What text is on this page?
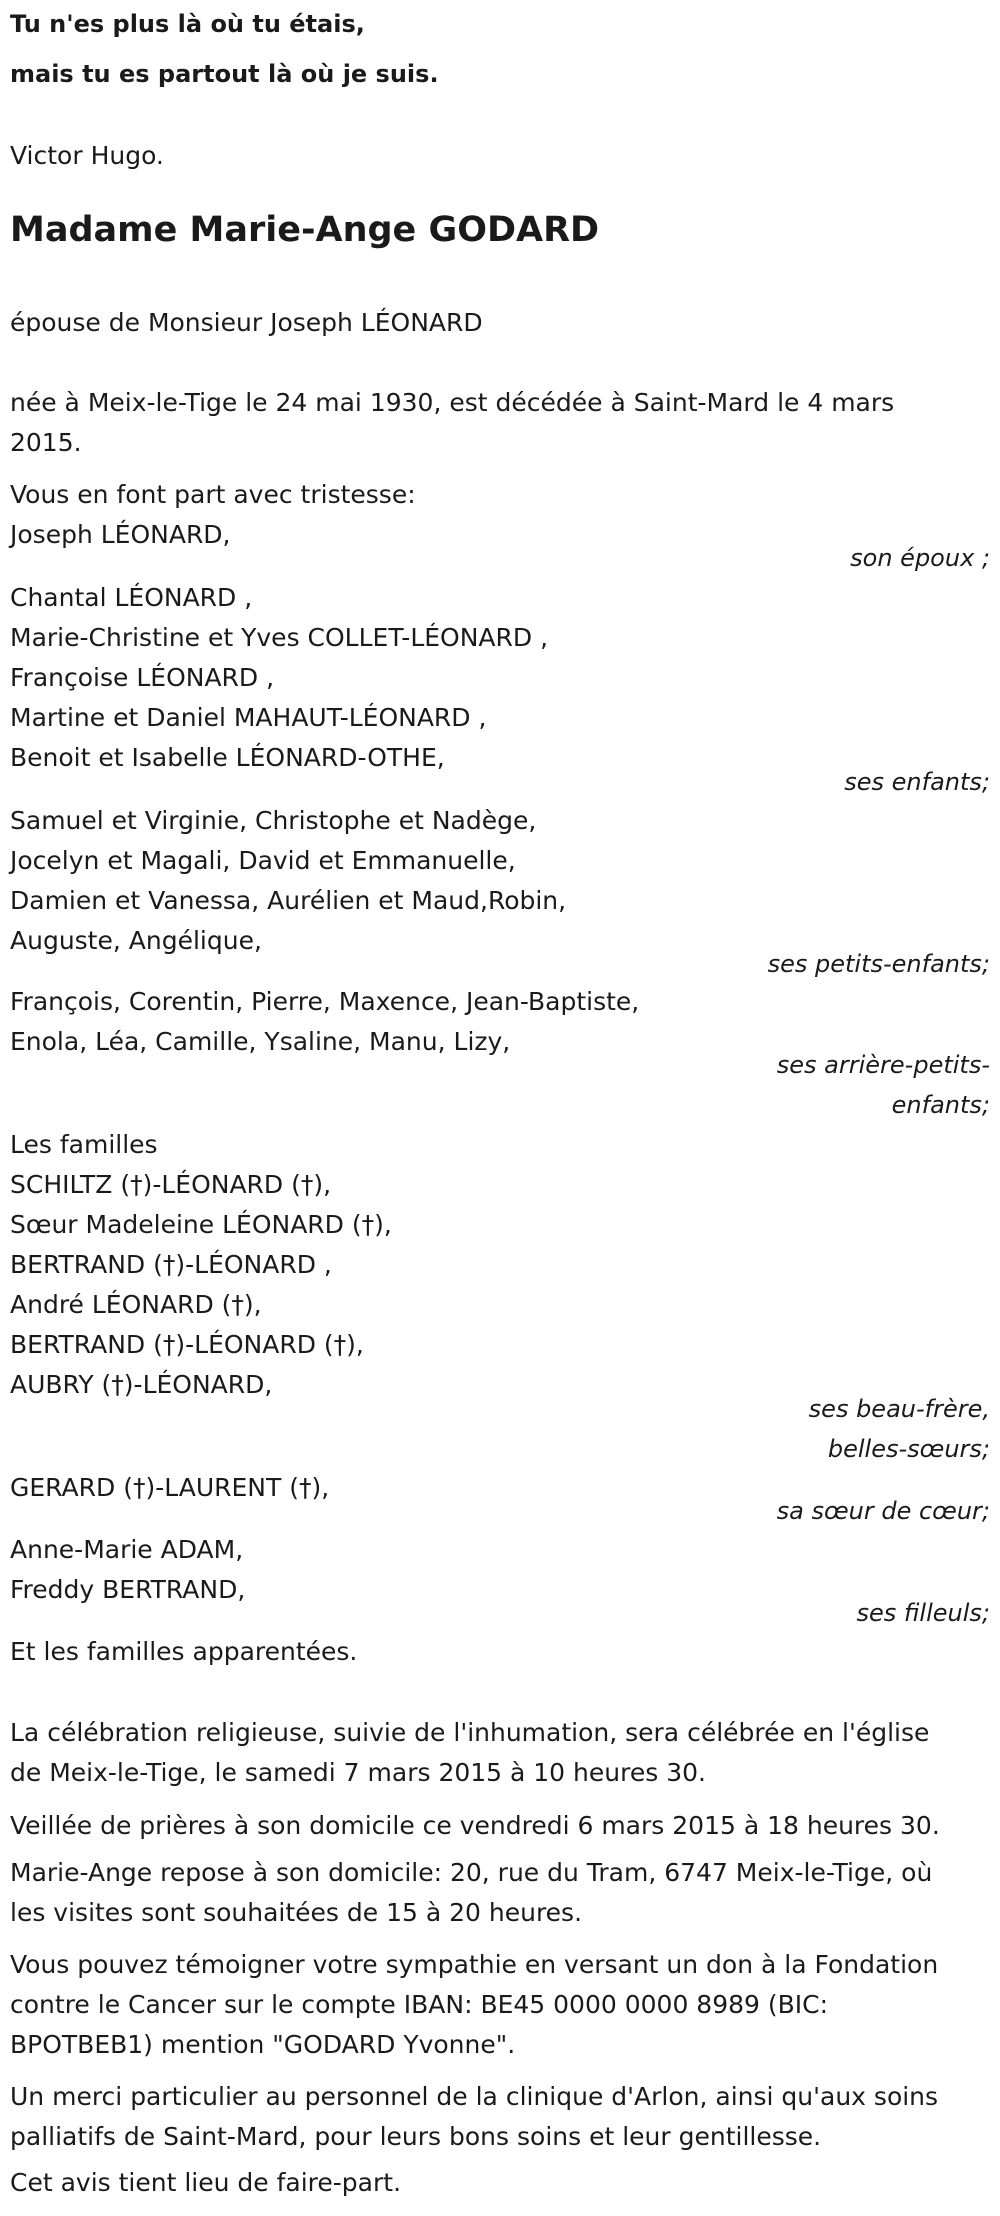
Tu n'es plus là où tu étais,
mais tu es partout là où je suis.
Victor Hugo.
Madame Marie-Ange GODARD
épouse de Monsieur Joseph LÉONARD
née à Meix-le-Tige le 24 mai 1930, est décédée à Saint-Mard le 4 mars 2015.
Vous en font part avec tristesse:
Joseph LÉONARD,
son époux ;
Chantal LÉONARD ,
Marie-Christine et Yves COLLET-LÉONARD ,
Françoise LÉONARD ,
Martine et Daniel MAHAUT-LÉONARD ,
Benoit et Isabelle LÉONARD-OTHE,
ses enfants;
Samuel et Virginie, Christophe et Nadège,
Jocelyn et Magali, David et Emmanuelle,
Damien et Vanessa, Aurélien et Maud,Robin,
Auguste, Angélique,
ses petits-enfants;
François, Corentin, Pierre, Maxence, Jean-Baptiste,
Enola, Léa, Camille, Ysaline, Manu, Lizy,
ses arrière-petits-enfants;
Les familles
SCHILTZ (†)-LÉONARD (†),
Sœur Madeleine LÉONARD (†),
BERTRAND (†)-LÉONARD ,
André LÉONARD (†),
BERTRAND (†)-LÉONARD (†),
AUBRY (†)-LÉONARD,
ses beau-frère, belles-sœurs;
GERARD (†)-LAURENT (†),
sa sœur de cœur;
Anne-Marie ADAM,
Freddy BERTRAND,
ses filleuls;
Et les familles apparentées.
La célébration religieuse, suivie de l'inhumation, sera célébrée en l'église de Meix-le-Tige, le samedi 7 mars 2015 à 10 heures 30.
Veillée de prières à son domicile ce vendredi 6 mars 2015 à 18 heures 30.
Marie-Ange repose à son domicile: 20, rue du Tram, 6747 Meix-le-Tige, où les visites sont souhaitées de 15 à 20 heures.
Vous pouvez témoigner votre sympathie en versant un don à la Fondation contre le Cancer sur le compte IBAN: BE45 0000 0000 8989 (BIC: BPOTBEB1) mention "GODARD Yvonne".
Un merci particulier au personnel de la clinique d'Arlon, ainsi qu'aux soins palliatifs de Saint-Mard, pour leurs bons soins et leur gentillesse.
Cet avis tient lieu de faire-part.
